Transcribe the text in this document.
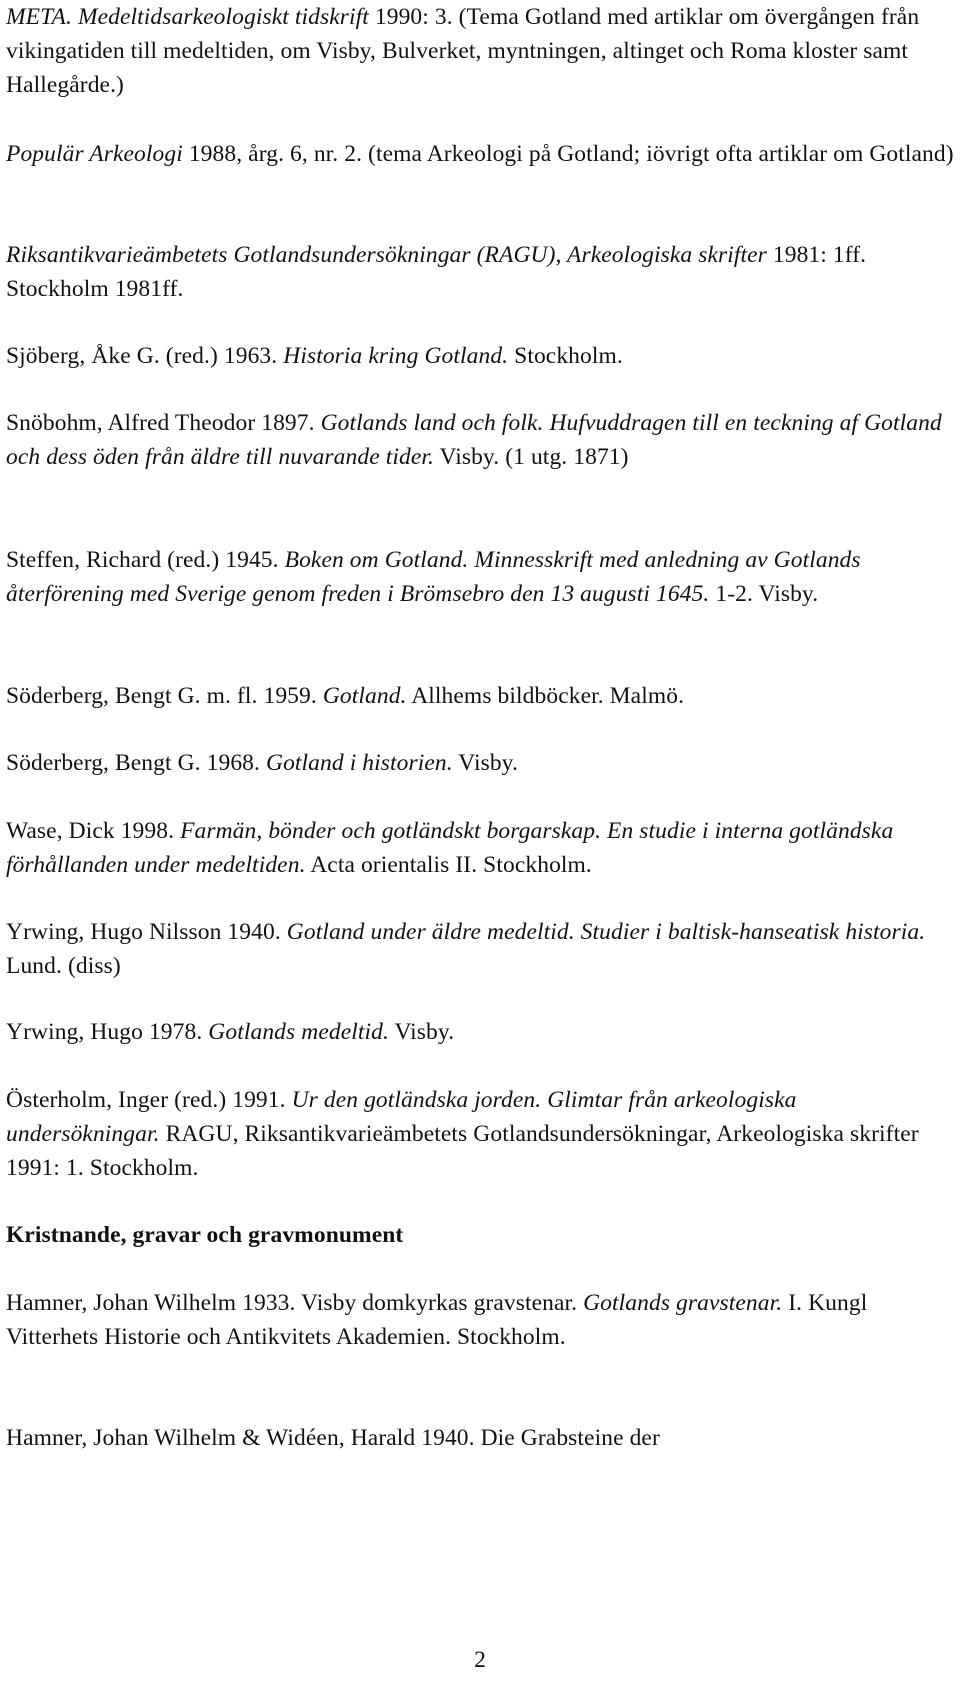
META. Medeltidsarkeologiskt tidskrift 1990: 3. (Tema Gotland med artiklar om övergången från vikingatiden till medeltiden, om Visby, Bulverket, myntningen, altinget och Roma kloster samt Hallegårde.)

Populär Arkeologi 1988, årg. 6, nr. 2. (tema Arkeologi på Gotland; iövrigt ofta artiklar om Gotland)

Riksantikvarieämbetets Gotlandsundersökningar (RAGU), Arkeologiska skrifter 1981: 1ff. Stockholm 1981ff.

Sjöberg, Åke G. (red.) 1963. Historia kring Gotland. Stockholm.

Snöbohm, Alfred Theodor 1897. Gotlands land och folk. Hufvuddragen till en teckning af Gotland och dess öden från äldre till nuvarande tider. Visby. (1 utg. 1871)

Steffen, Richard (red.) 1945. Boken om Gotland. Minnesskrift med anledning av Gotlands återförening med Sverige genom freden i Brömsebro den 13 augusti 1645. 1-2. Visby.

Söderberg, Bengt G. m. fl. 1959. Gotland. Allhems bildböcker. Malmö.

Söderberg, Bengt G. 1968. Gotland i historien. Visby.

Wase, Dick 1998. Farmän, bönder och gotländskt borgarskap. En studie i interna gotländska förhållanden under medeltiden. Acta orientalis II. Stockholm.

Yrwing, Hugo Nilsson 1940. Gotland under äldre medeltid. Studier i baltisk-hanseatisk historia. Lund. (diss)

Yrwing, Hugo 1978. Gotlands medeltid. Visby.

Österholm, Inger (red.) 1991. Ur den gotländska jorden. Glimtar från arkeologiska undersökningar. RAGU, Riksantikvarieämbetets Gotlandsundersökningar, Arkeologiska skrifter 1991: 1. Stockholm.

Kristnande, gravar och gravmonument

Hamner, Johan Wilhelm 1933. Visby domkyrkas gravstenar. Gotlands gravstenar. I. Kungl Vitterhets Historie och Antikvitets Akademien. Stockholm.

Hamner, Johan Wilhelm & Widéen, Harald 1940. Die Grabsteine der

2
